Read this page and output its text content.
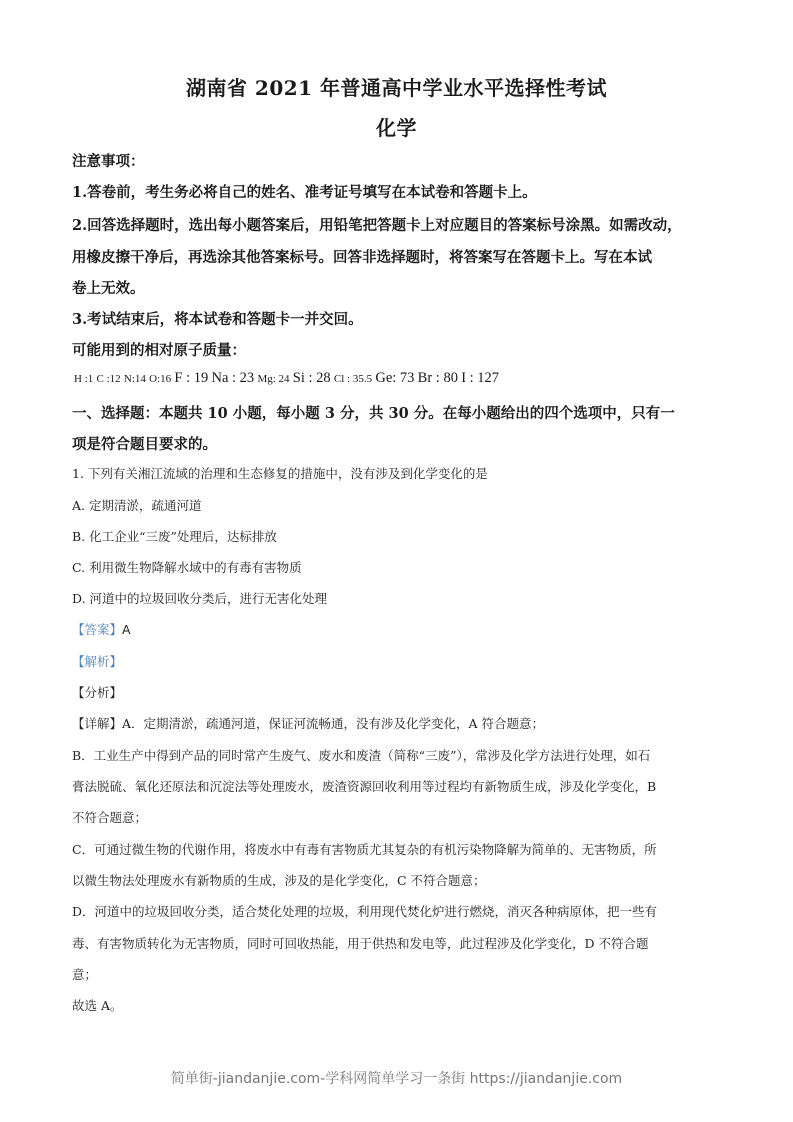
湖南省 2021 年普通高中学业水平选择性考试
化学
注意事项：
1.答卷前，考生务必将自己的姓名、准考证号填写在本试卷和答题卡上。
2.回答选择题时，选出每小题答案后，用铅笔把答题卡上对应题目的答案标号涂黑。如需改动，
用橡皮擦干净后，再选涂其他答案标号。回答非选择题时，将答案写在答题卡上。写在本试
卷上无效。
3.考试结束后，将本试卷和答题卡一并交回。
可能用到的相对原子质量：
H :1 C :12 N:14 O:16 F : 19 Na : 23 Mg: 24 Si : 28 Cl : 35.5 Ge: 73 Br : 80 I : 127
一、选择题：本题共 10 小题，每小题 3 分，共 30 分。在每小题给出的四个选项中，只有一
项是符合题目要求的。
1. 下列有关湘江流域的治理和生态修复的措施中，没有涉及到化学变化的是
A. 定期清淤，疏通河道
B. 化工企业“三废”处理后，达标排放
C. 利用微生物降解水域中的有毒有害物质
D. 河道中的垃圾回收分类后，进行无害化处理
【答案】A
【解析】
【分析】
【详解】A．定期清淤，疏通河道，保证河流畅通，没有涉及化学变化，A 符合题意；
B．工业生产中得到产品的同时常产生废气、废水和废渣（简称“三废”），常涉及化学方法进行处理，如石
膏法脱硫、氧化还原法和沉淀法等处理废水，废渣资源回收利用等过程均有新物质生成，涉及化学变化，B
不符合题意；
C．可通过微生物的代谢作用，将废水中有毒有害物质尤其复杂的有机污染物降解为简单的、无害物质，所
以微生物法处理废水有新物质的生成，涉及的是化学变化，C 不符合题意；
D．河道中的垃圾回收分类，适合焚化处理的垃圾，利用现代焚化炉进行燃烧，消灭各种病原体，把一些有
毒、有害物质转化为无害物质，同时可回收热能，用于供热和发电等，此过程涉及化学变化，D 不符合题
意；
故选 A。
简单街-jiandanjie.com-学科网简单学习一条街 https://jiandanjie.com
